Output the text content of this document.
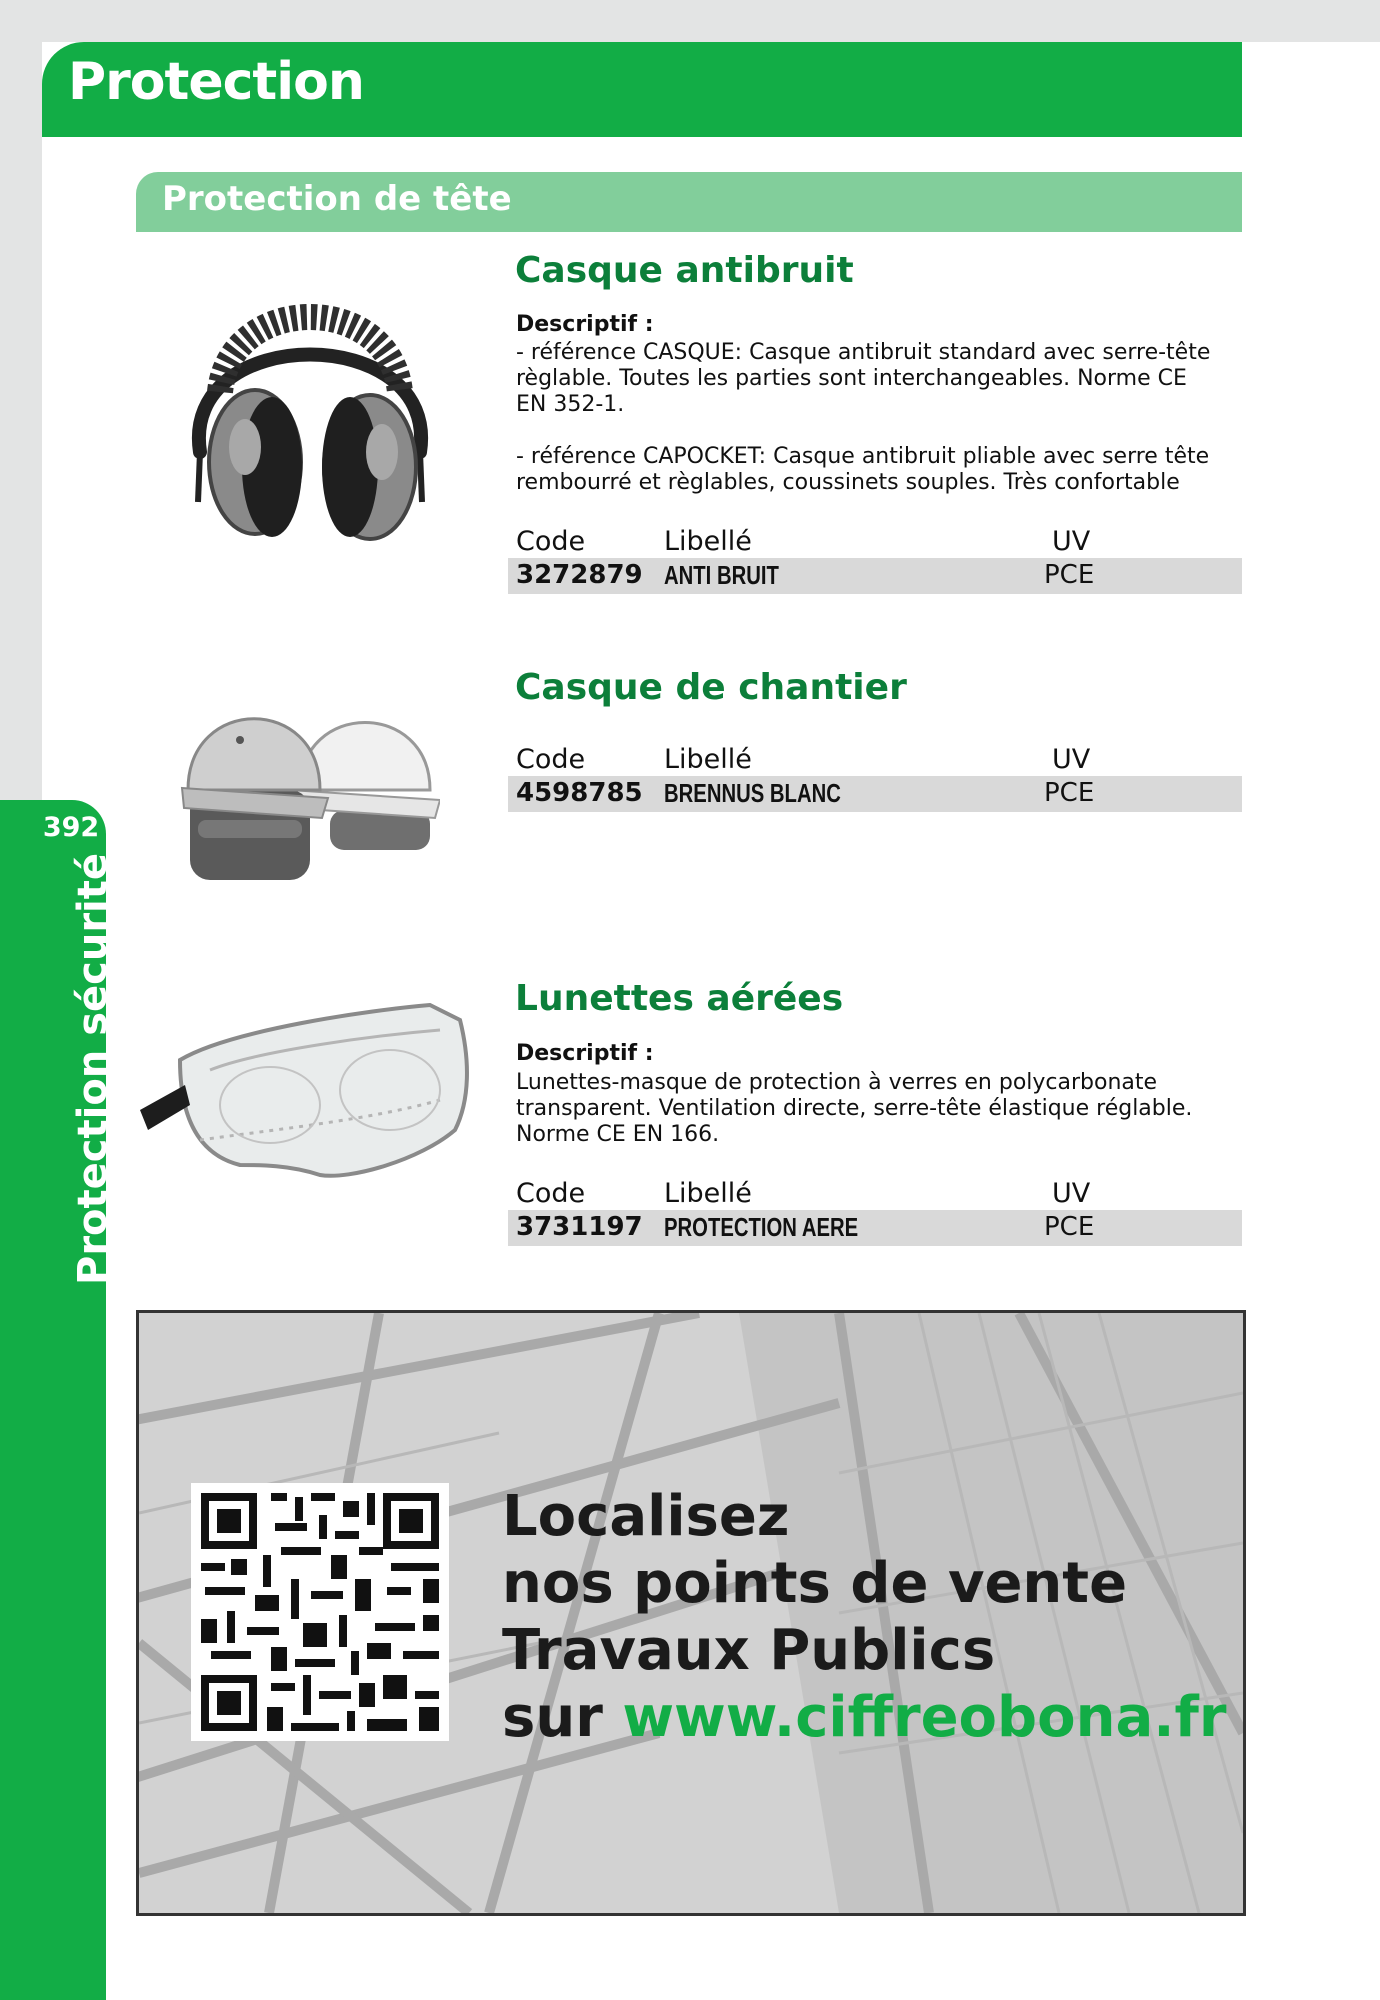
392
Protection sécurité
Protection
Protection de tête
Casque antibruit
Descriptif :
- référence CASQUE: Casque antibruit standard avec serre-tête
règlable. Toutes les parties sont interchangeables. Norme CE
EN 352-1.
- référence CAPOCKET: Casque antibruit pliable avec serre tête
rembourré et règlables, coussinets souples. Très confortable
Code	Libellé	UV
3272879 ANTI BRUIT	PCE
Casque de chantier
Code	Libellé	UV
4598785 BRENNUS BLANC	PCE
Lunettes aérées
Descriptif :
Lunettes-masque de protection à verres en polycarbonate
transparent. Ventilation directe, serre-tête élastique réglable.
Norme CE EN 166.
Code	Libellé	UV
3731197 PROTECTION AERE	PCE
Localisez
nos points de vente
Travaux Publics
sur www.ciffreobona.fr
